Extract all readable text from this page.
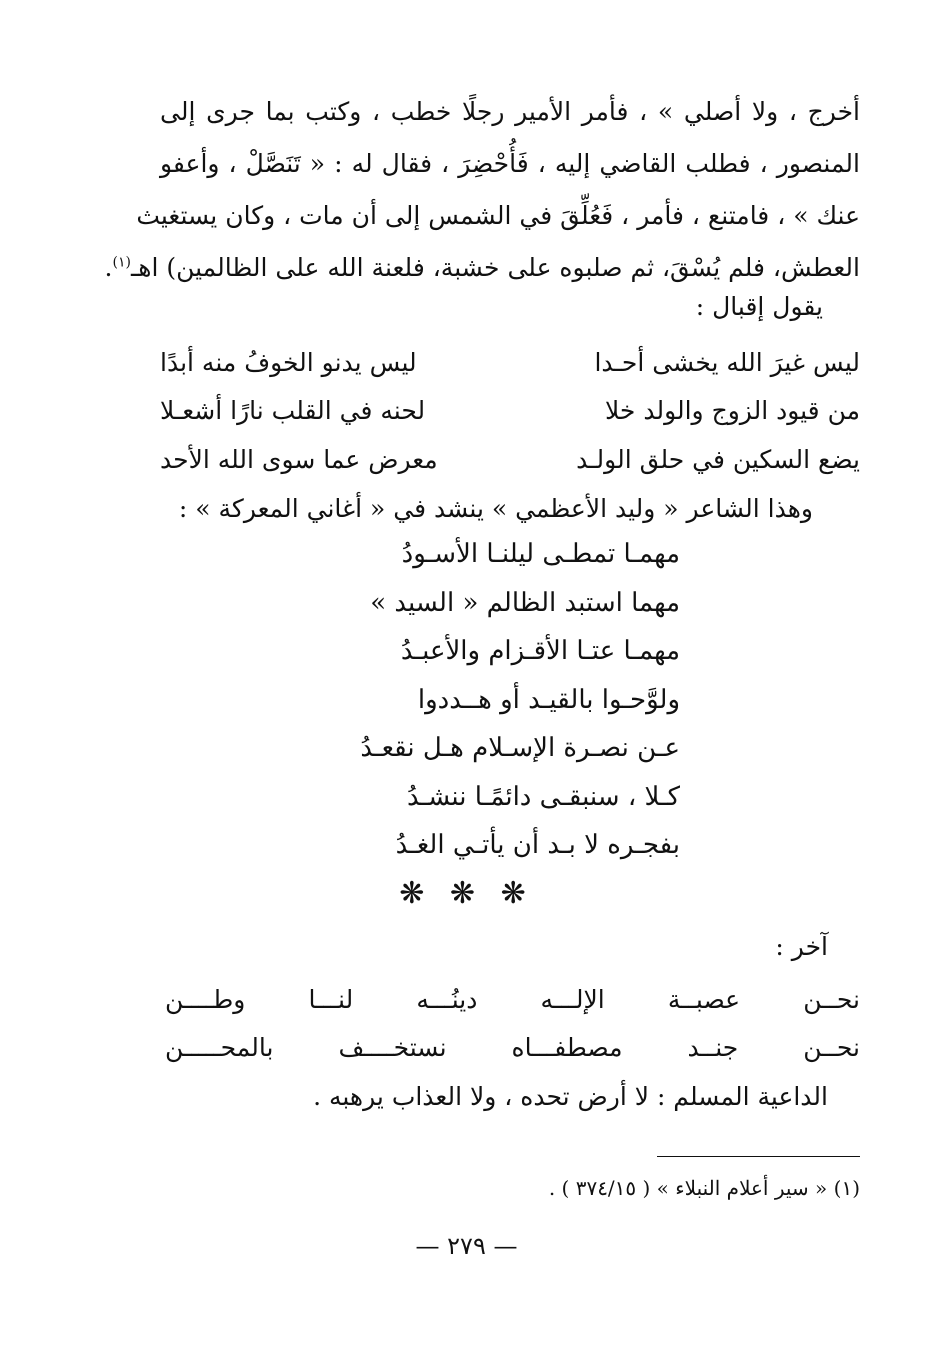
أخرج ، ولا أصلي » ، فأمر الأمير رجلًا خطب ، وكتب بما جرى إلى
المنصور ، فطلب القاضي إليه ، فَأُحْضِرَ ، فقال له : « تَنَصَّلْ ، وأعفو
عنك » ، فامتنع ، فأمر ، فَعُلِّقَ في الشمس إلى أن مات ، وكان يستغيث
العطش، فلم يُسْقَ، ثم صلبوه على خشبة، فلعنة الله على الظالمين) اهـ$^{(١)}$.
يقول إقبال :
ليس غيرَ الله يخشى أحـدا
ليس يدنو الخوفُ منه أبدًا
من قيود الزوج والولد خلا
لحنه في القلب نارًا أشعـلا
يضع السكين في حلق الولـد
معرض عما سوى الله الأحد
وهذا الشاعر « وليد الأعظمي » ينشد في « أغاني المعركة » :
مهمـا تمطـى ليلنـا الأسـودُ
مهما استبد الظالم « السيد »
مهمـا عتـا الأقـزام والأعبـدُ
ولوَّحـوا بالقيـد أو هــددوا
عـن نصـرة الإسـلام هـل نقعـدُ
كـلا ، سنبقـى دائمًـا ننشـدُ
بفجـره لا بـد أن يأتـي الغـدُ
❋ ❋ ❋
آخر :
نحــن
عصبــة
الإلـــه
دينُـــه
لنـــا
وطــــن
نحــن
جنــد
مصطفـــاه
نستخــــف
بالمحـــــن
الداعية المسلم : لا أرض تحده ، ولا العذاب يرهبه .
(١) « سير أعلام النبلاء » ( ٣٧٤/١٥ ) .
— ٢٧٩ —
